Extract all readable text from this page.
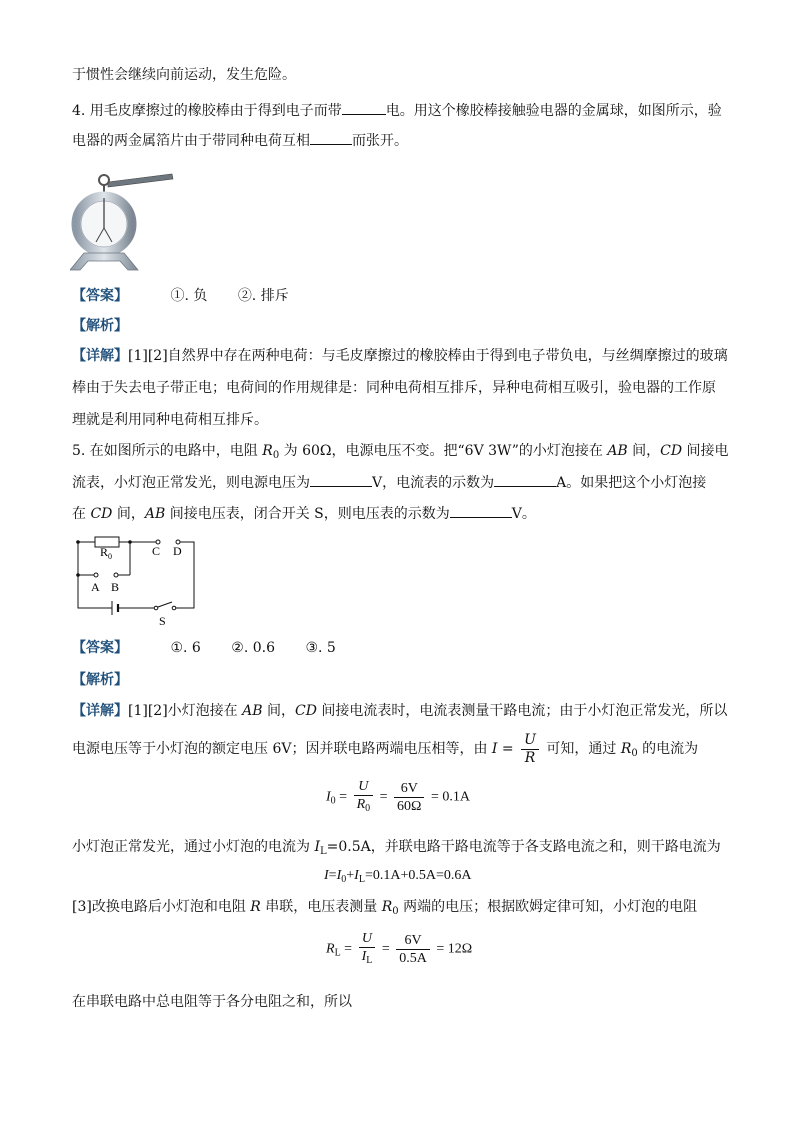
于惯性会继续向前运动，发生危险。
4. 用毛皮摩擦过的橡胶棒由于得到电子而带	电。用这个橡胶棒接触验电器的金属球，如图所示，验
电器的两金属箔片由于带同种电荷互相	而张开。
【答案】	①. 负 ②. 排斥
【解析】
【详解】[1][2]自然界中存在两种电荷：与毛皮摩擦过的橡胶棒由于得到电子带负电，与丝绸摩擦过的玻璃
棒由于失去电子带正电；电荷间的作用规律是：同种电荷相互排斥，异种电荷相互吸引，验电器的工作原
理就是利用同种电荷相互排斥。
5. 在如图所示的电路中，电阻 $R_0$ 为 60Ω，电源电压不变。把“6V 3W”的小灯泡接在 AB 间，CD 间接电
流表，小灯泡正常发光，则电源电压为	V，电流表的示数为	A。如果把这个小灯泡接
在 CD 间，AB 间接电压表，闭合开关 S，则电压表的示数为	V。
$R_0$	C D
A B
S
【答案】	①. 6 ②. 0.6 ③. 5
【解析】
【详解】[1][2]小灯泡接在 AB 间，CD 间接电流表时，电流表测量干路电流；由于小灯泡正常发光，所以
电源电压等于小灯泡的额定电压 6V；因并联电路两端电压相等，由 $I = \frac{U}{R}$ 可知，通过 $R_0$ 的电流为
$I_0 = \frac{U}{R_0} = \frac{6V}{60\Omega} = 0.1A$
小灯泡正常发光，通过小灯泡的电流为 $I_L=0.5A$，并联电路干路电流等于各支路电流之和，则干路电流为
$I=I_0+I_L=0.1A+0.5A=0.6A$
[3]改换电路后小灯泡和电阻 R 串联，电压表测量 $R_0$ 两端的电压；根据欧姆定律可知，小灯泡的电阻
$R_L = \frac{U}{I_L} = \frac{6V}{0.5A} = 12\Omega$
在串联电路中总电阻等于各分电阻之和，所以
